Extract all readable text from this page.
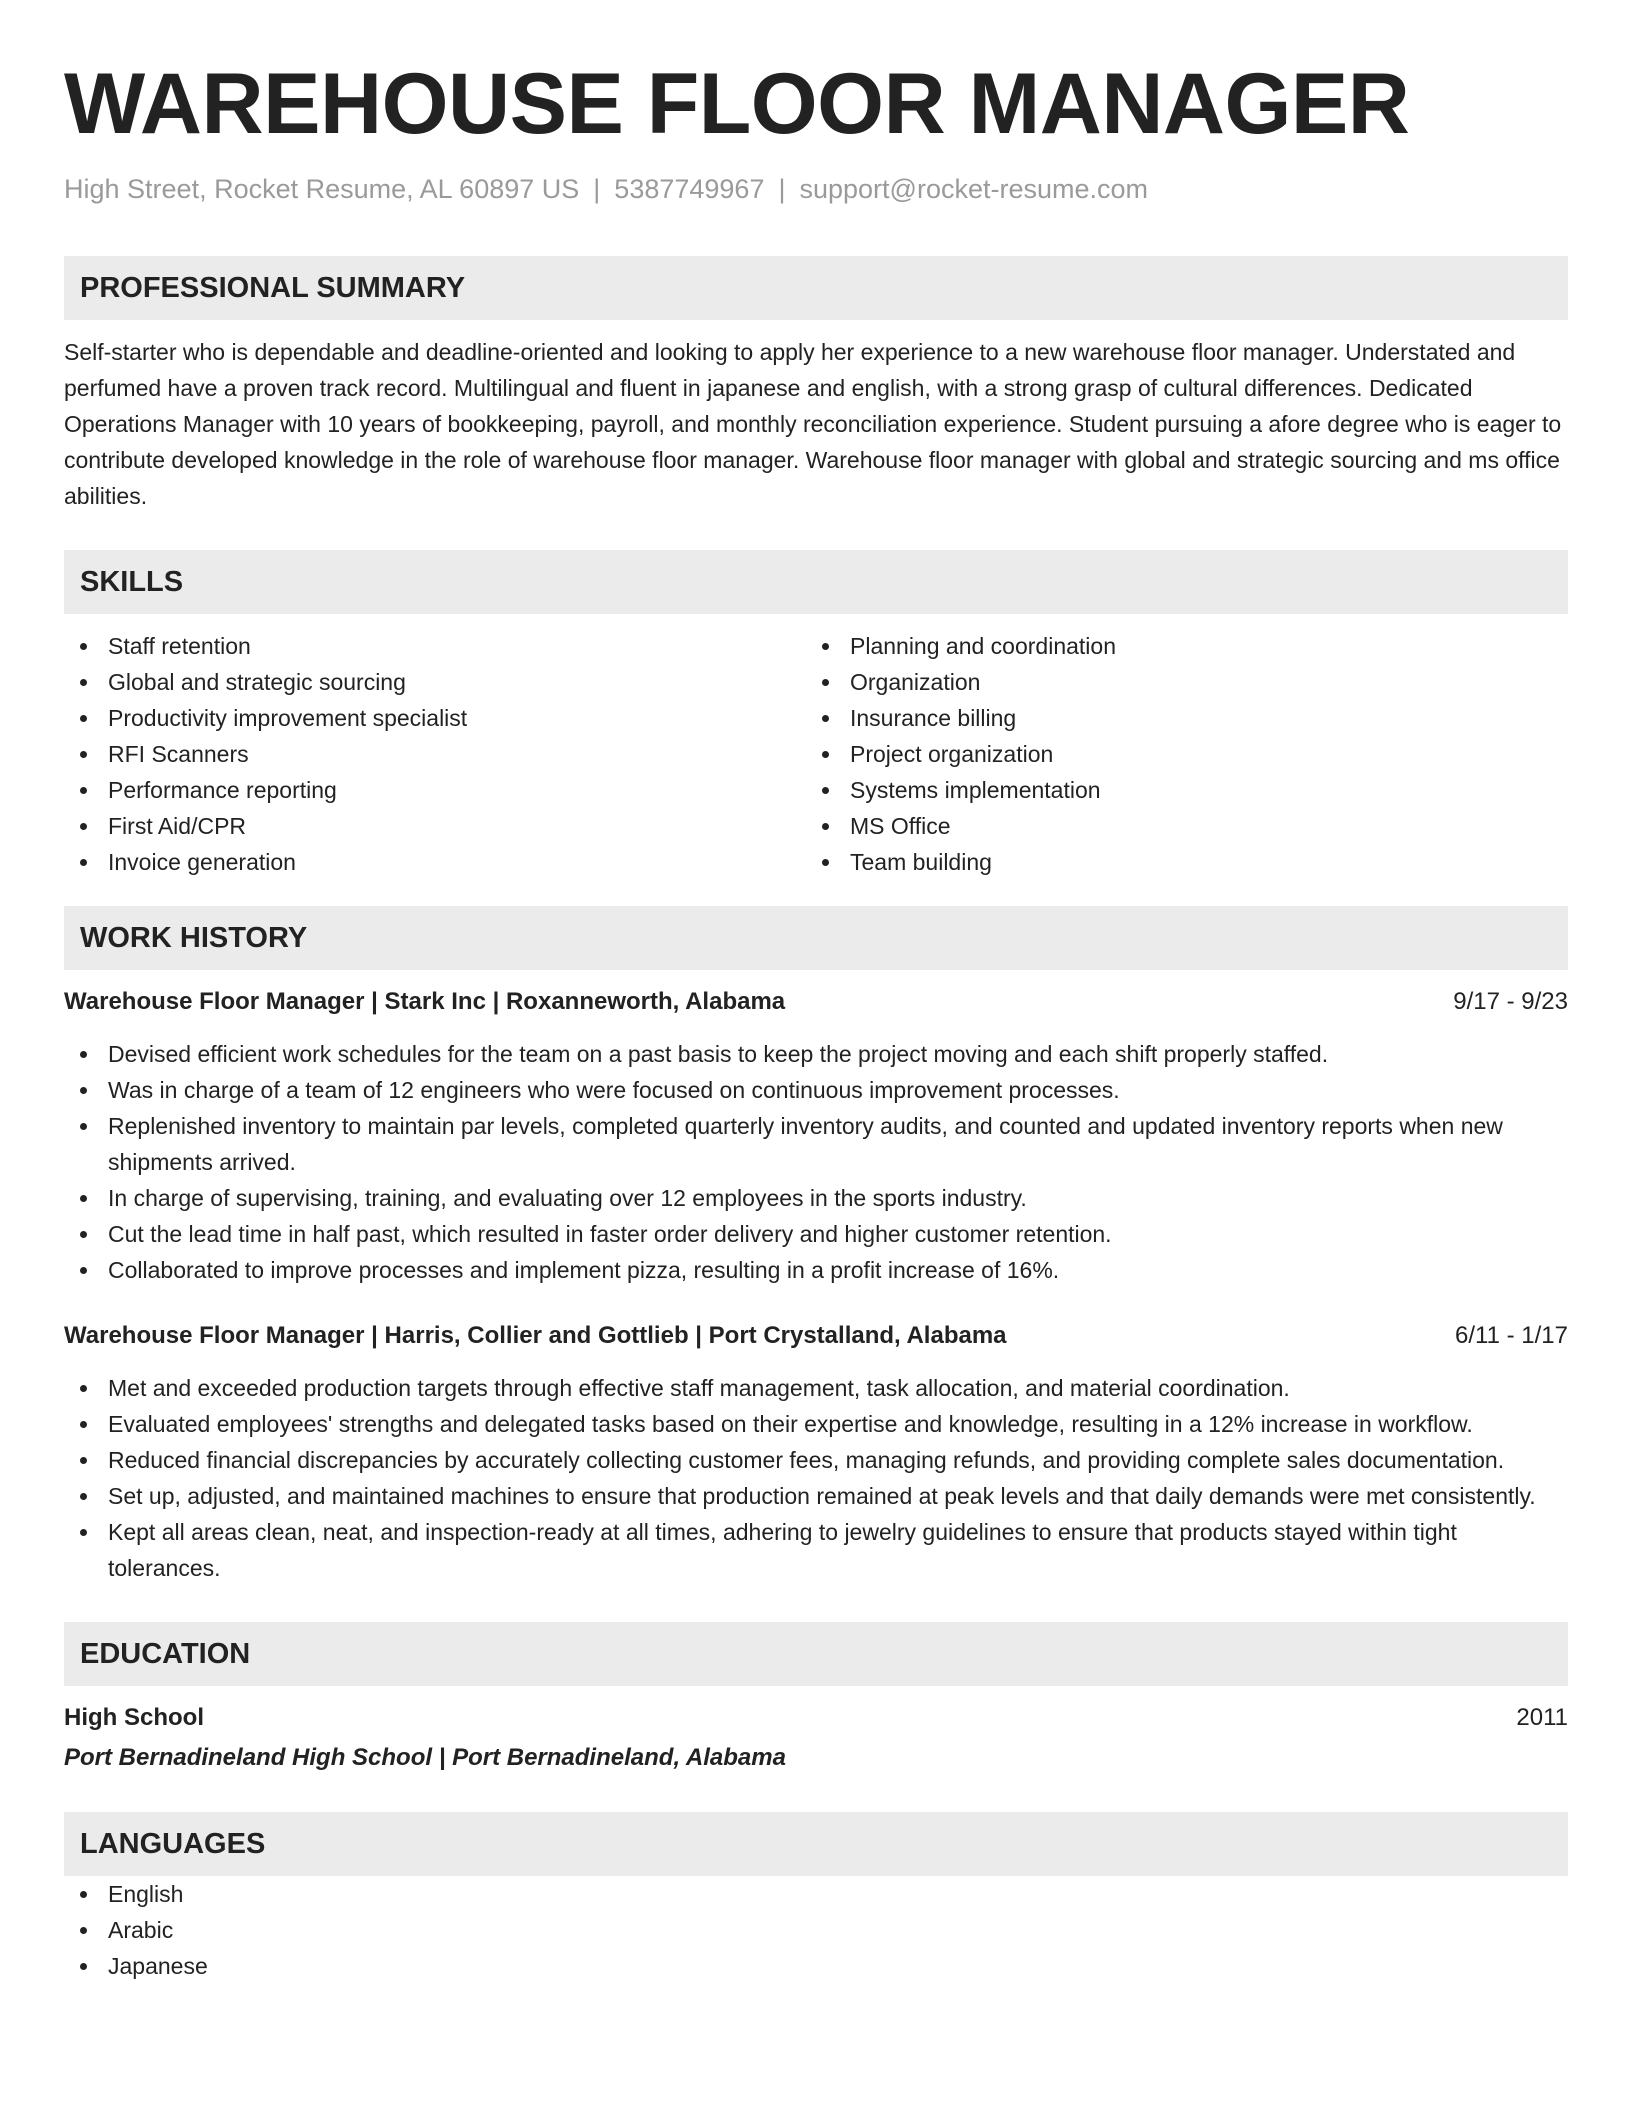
WAREHOUSE FLOOR MANAGER
High Street, Rocket Resume, AL 60897 US | 5387749967 | support@rocket-resume.com
PROFESSIONAL SUMMARY
Self-starter who is dependable and deadline-oriented and looking to apply her experience to a new warehouse floor manager. Understated and perfumed have a proven track record. Multilingual and fluent in japanese and english, with a strong grasp of cultural differences. Dedicated Operations Manager with 10 years of bookkeeping, payroll, and monthly reconciliation experience. Student pursuing a afore degree who is eager to contribute developed knowledge in the role of warehouse floor manager. Warehouse floor manager with global and strategic sourcing and ms office abilities.
SKILLS
Staff retention
Global and strategic sourcing
Productivity improvement specialist
RFI Scanners
Performance reporting
First Aid/CPR
Invoice generation
Planning and coordination
Organization
Insurance billing
Project organization
Systems implementation
MS Office
Team building
WORK HISTORY
Warehouse Floor Manager | Stark Inc | Roxanneworth, Alabama	9/17 - 9/23
Devised efficient work schedules for the team on a past basis to keep the project moving and each shift properly staffed.
Was in charge of a team of 12 engineers who were focused on continuous improvement processes.
Replenished inventory to maintain par levels, completed quarterly inventory audits, and counted and updated inventory reports when new shipments arrived.
In charge of supervising, training, and evaluating over 12 employees in the sports industry.
Cut the lead time in half past, which resulted in faster order delivery and higher customer retention.
Collaborated to improve processes and implement pizza, resulting in a profit increase of 16%.
Warehouse Floor Manager | Harris, Collier and Gottlieb | Port Crystalland, Alabama	6/11 - 1/17
Met and exceeded production targets through effective staff management, task allocation, and material coordination.
Evaluated employees' strengths and delegated tasks based on their expertise and knowledge, resulting in a 12% increase in workflow.
Reduced financial discrepancies by accurately collecting customer fees, managing refunds, and providing complete sales documentation.
Set up, adjusted, and maintained machines to ensure that production remained at peak levels and that daily demands were met consistently.
Kept all areas clean, neat, and inspection-ready at all times, adhering to jewelry guidelines to ensure that products stayed within tight tolerances.
EDUCATION
High School	2011
Port Bernadineland High School | Port Bernadineland, Alabama
LANGUAGES
English
Arabic
Japanese
